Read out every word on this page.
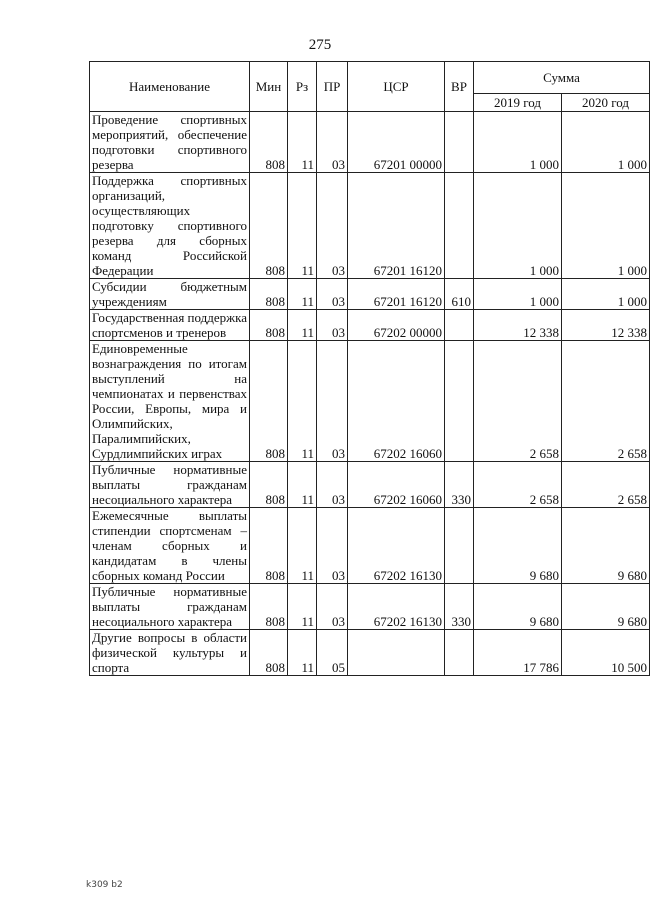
275
Наименование	Мин	Рз	ПР	ЦСР	ВР	Сумма	
						2019 год	2020 год
Проведение спортивных мероприятий, обеспечение подготовки спортивного резерва	808	11	03	67201 00000		1 000	1 000
Поддержка спортивных организаций, осуществляющих подготовку спортивного резерва для сборных команд Российской Федерации	808	11	03	67201 16120		1 000	1 000
Субсидии бюджетным учреждениям	808	11	03	67201 16120	610	1 000	1 000
Государственная поддержка спортсменов и тренеров	808	11	03	67202 00000		12 338	12 338
Единовременные вознаграждения по итогам выступлений на чемпионатах и первенствах России, Европы, мира и Олимпийских, Паралимпийских, Сурдлимпийских играх	808	11	03	67202 16060		2 658	2 658
Публичные нормативные выплаты гражданам несоциального характера	808	11	03	67202 16060	330	2 658	2 658
Ежемесячные выплаты стипендии спортсменам – членам сборных и кандидатам в члены сборных команд России	808	11	03	67202 16130		9 680	9 680
Публичные нормативные выплаты гражданам несоциального характера	808	11	03	67202 16130	330	9 680	9 680
Другие вопросы в области физической культуры и спорта	808	11	05			17 786	10 500
k309 b2
